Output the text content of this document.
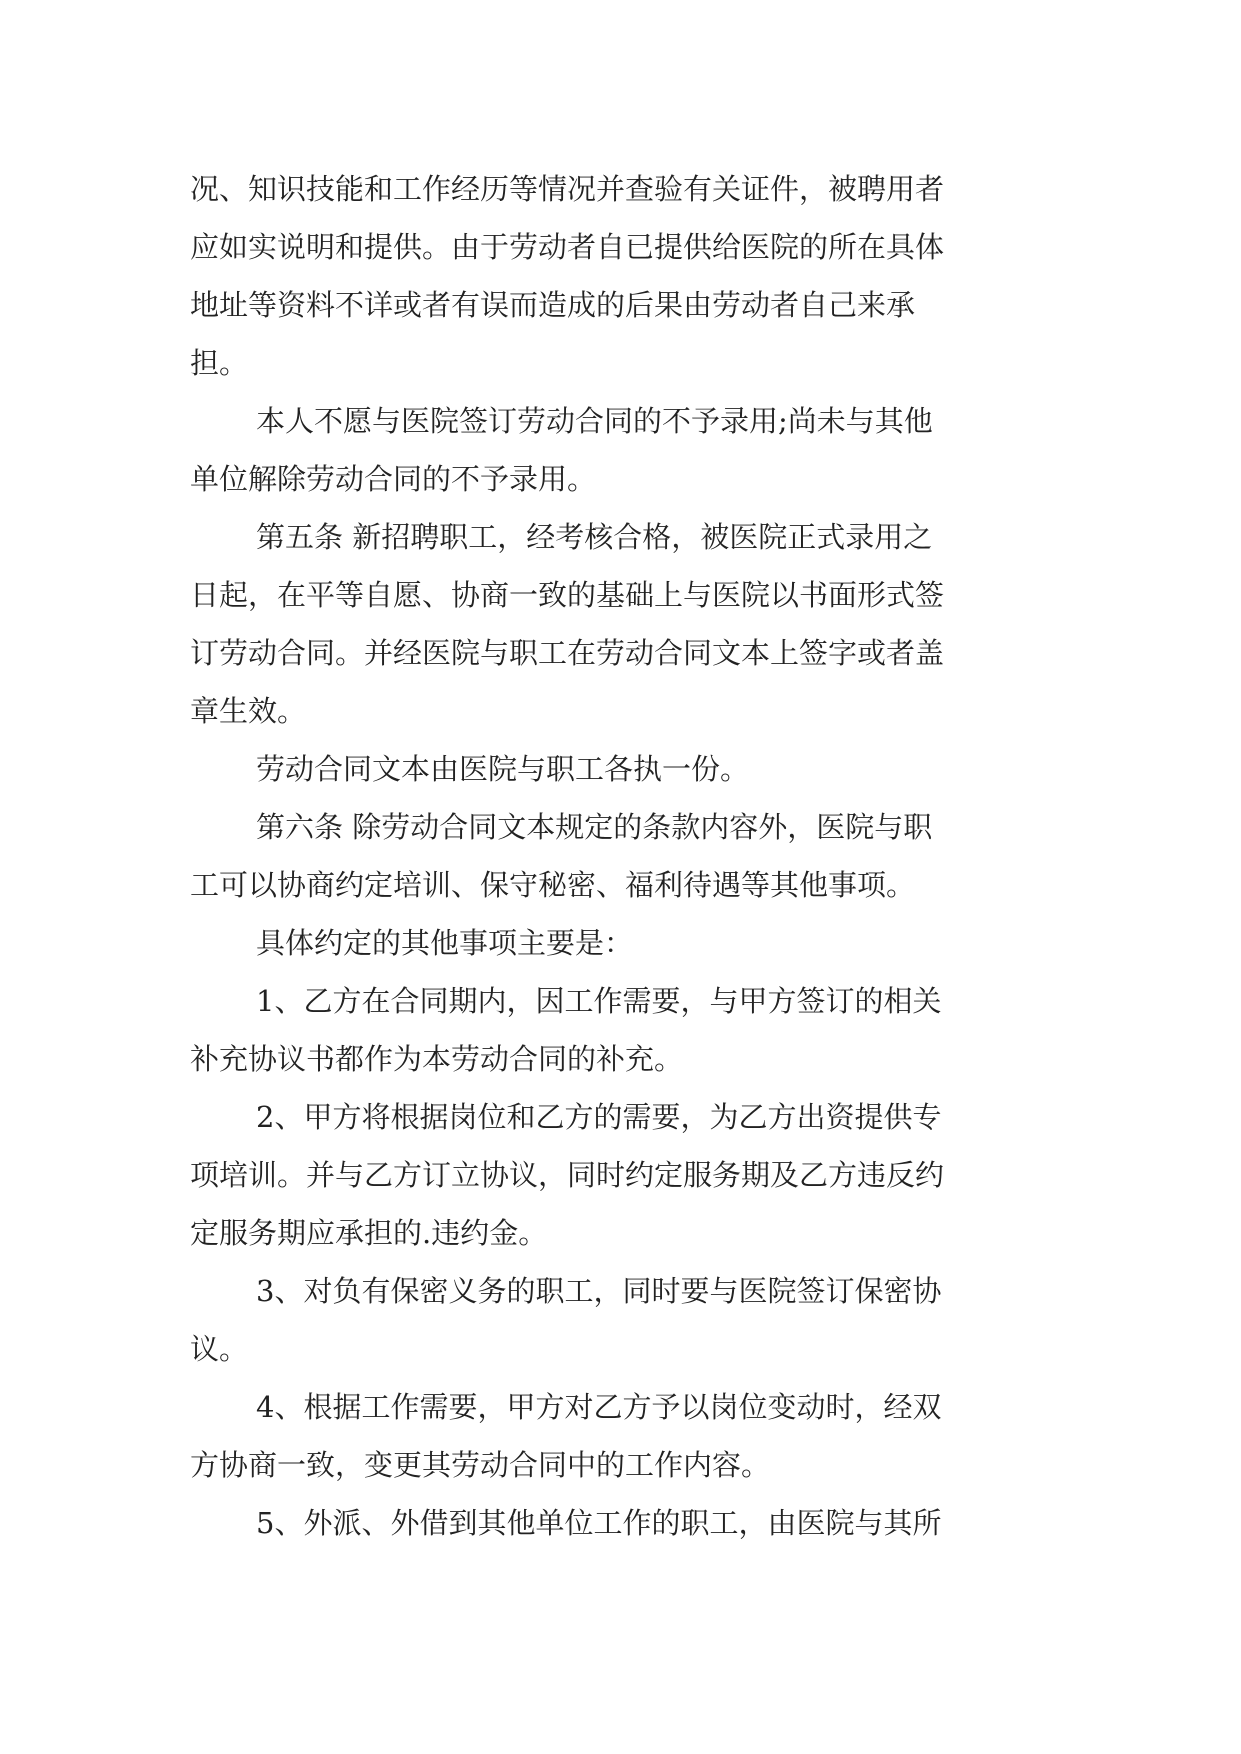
况、知识技能和工作经历等情况并查验有关证件，被聘用者
应如实说明和提供。由于劳动者自已提供给医院的所在具体
地址等资料不详或者有误而造成的后果由劳动者自己来承
担。
本人不愿与医院签订劳动合同的不予录用;尚未与其他
单位解除劳动合同的不予录用。
第五条 新招聘职工，经考核合格，被医院正式录用之
日起，在平等自愿、协商一致的基础上与医院以书面形式签
订劳动合同。并经医院与职工在劳动合同文本上签字或者盖
章生效。
劳动合同文本由医院与职工各执一份。
第六条 除劳动合同文本规定的条款内容外，医院与职
工可以协商约定培训、保守秘密、福利待遇等其他事项。
具体约定的其他事项主要是：
1、乙方在合同期内，因工作需要，与甲方签订的相关
补充协议书都作为本劳动合同的补充。
2、甲方将根据岗位和乙方的需要，为乙方出资提供专
项培训。并与乙方订立协议，同时约定服务期及乙方违反约
定服务期应承担的.违约金。
3、对负有保密义务的职工，同时要与医院签订保密协
议。
4、根据工作需要，甲方对乙方予以岗位变动时，经双
方协商一致，变更其劳动合同中的工作内容。
5、外派、外借到其他单位工作的职工，由医院与其所
